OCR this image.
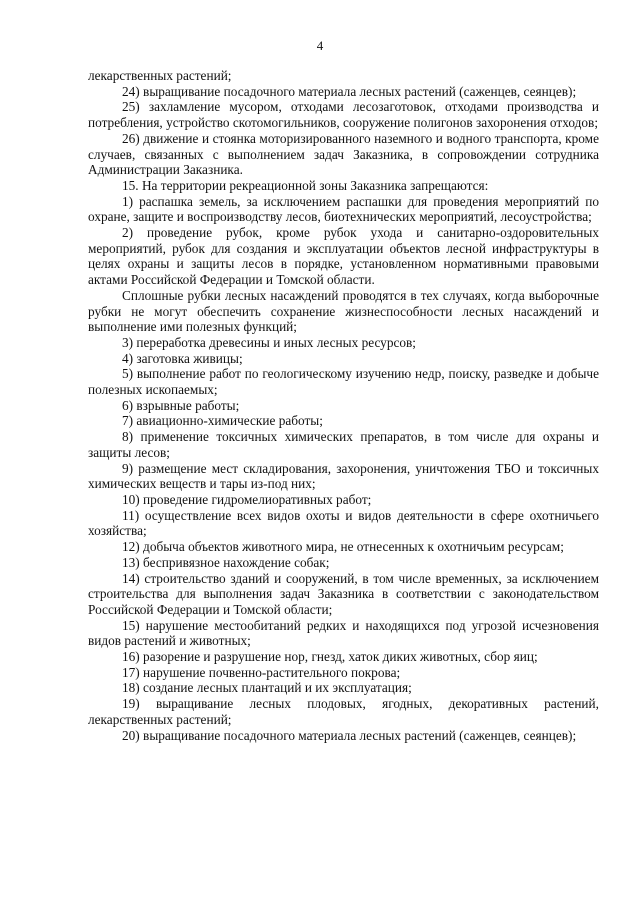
4

лекарственных растений;

24) выращивание посадочного материала лесных растений (саженцев, сеянцев);

25) захламление мусором, отходами лесозаготовок, отходами производства и потребления, устройство скотомогильников, сооружение полигонов захоронения отходов;

26) движение и стоянка моторизированного наземного и водного транспорта, кроме случаев, связанных с выполнением задач Заказника, в сопровождении сотрудника Администрации Заказника.

15. На территории рекреационной зоны Заказника запрещаются:

1) распашка земель, за исключением распашки для проведения мероприятий по охране, защите и воспроизводству лесов, биотехнических мероприятий, лесоустройства;

2) проведение рубок, кроме рубок ухода и санитарно-оздоровительных мероприятий, рубок для создания и эксплуатации объектов лесной инфраструктуры в целях охраны и защиты лесов в порядке, установленном нормативными правовыми актами Российской Федерации и Томской области.

Сплошные рубки лесных насаждений проводятся в тех случаях, когда выборочные рубки не могут обеспечить сохранение жизнеспособности лесных насаждений и выполнение ими полезных функций;

3) переработка древесины и иных лесных ресурсов;

4) заготовка живицы;

5) выполнение работ по геологическому изучению недр, поиску, разведке и добыче полезных ископаемых;

6) взрывные работы;

7) авиационно-химические работы;

8) применение токсичных химических препаратов, в том числе для охраны и защиты лесов;

9) размещение мест складирования, захоронения, уничтожения ТБО и токсичных химических веществ и тары из-под них;

10) проведение гидромелиоративных работ;

11) осуществление всех видов охоты и видов деятельности в сфере охотничьего хозяйства;

12) добыча объектов животного мира, не отнесенных к охотничьим ресурсам;

13) беспривязное нахождение собак;

14) строительство зданий и сооружений, в том числе временных, за исключением строительства для выполнения задач Заказника в соответствии с законодательством Российской Федерации и Томской области;

15) нарушение местообитаний редких и находящихся под угрозой исчезновения видов растений и животных;

16) разорение и разрушение нор, гнезд, хаток диких животных, сбор яиц;

17) нарушение почвенно-растительного покрова;

18) создание лесных плантаций и их эксплуатация;

19) выращивание лесных плодовых, ягодных, декоративных растений, лекарственных растений;

20) выращивание посадочного материала лесных растений (саженцев, сеянцев);
